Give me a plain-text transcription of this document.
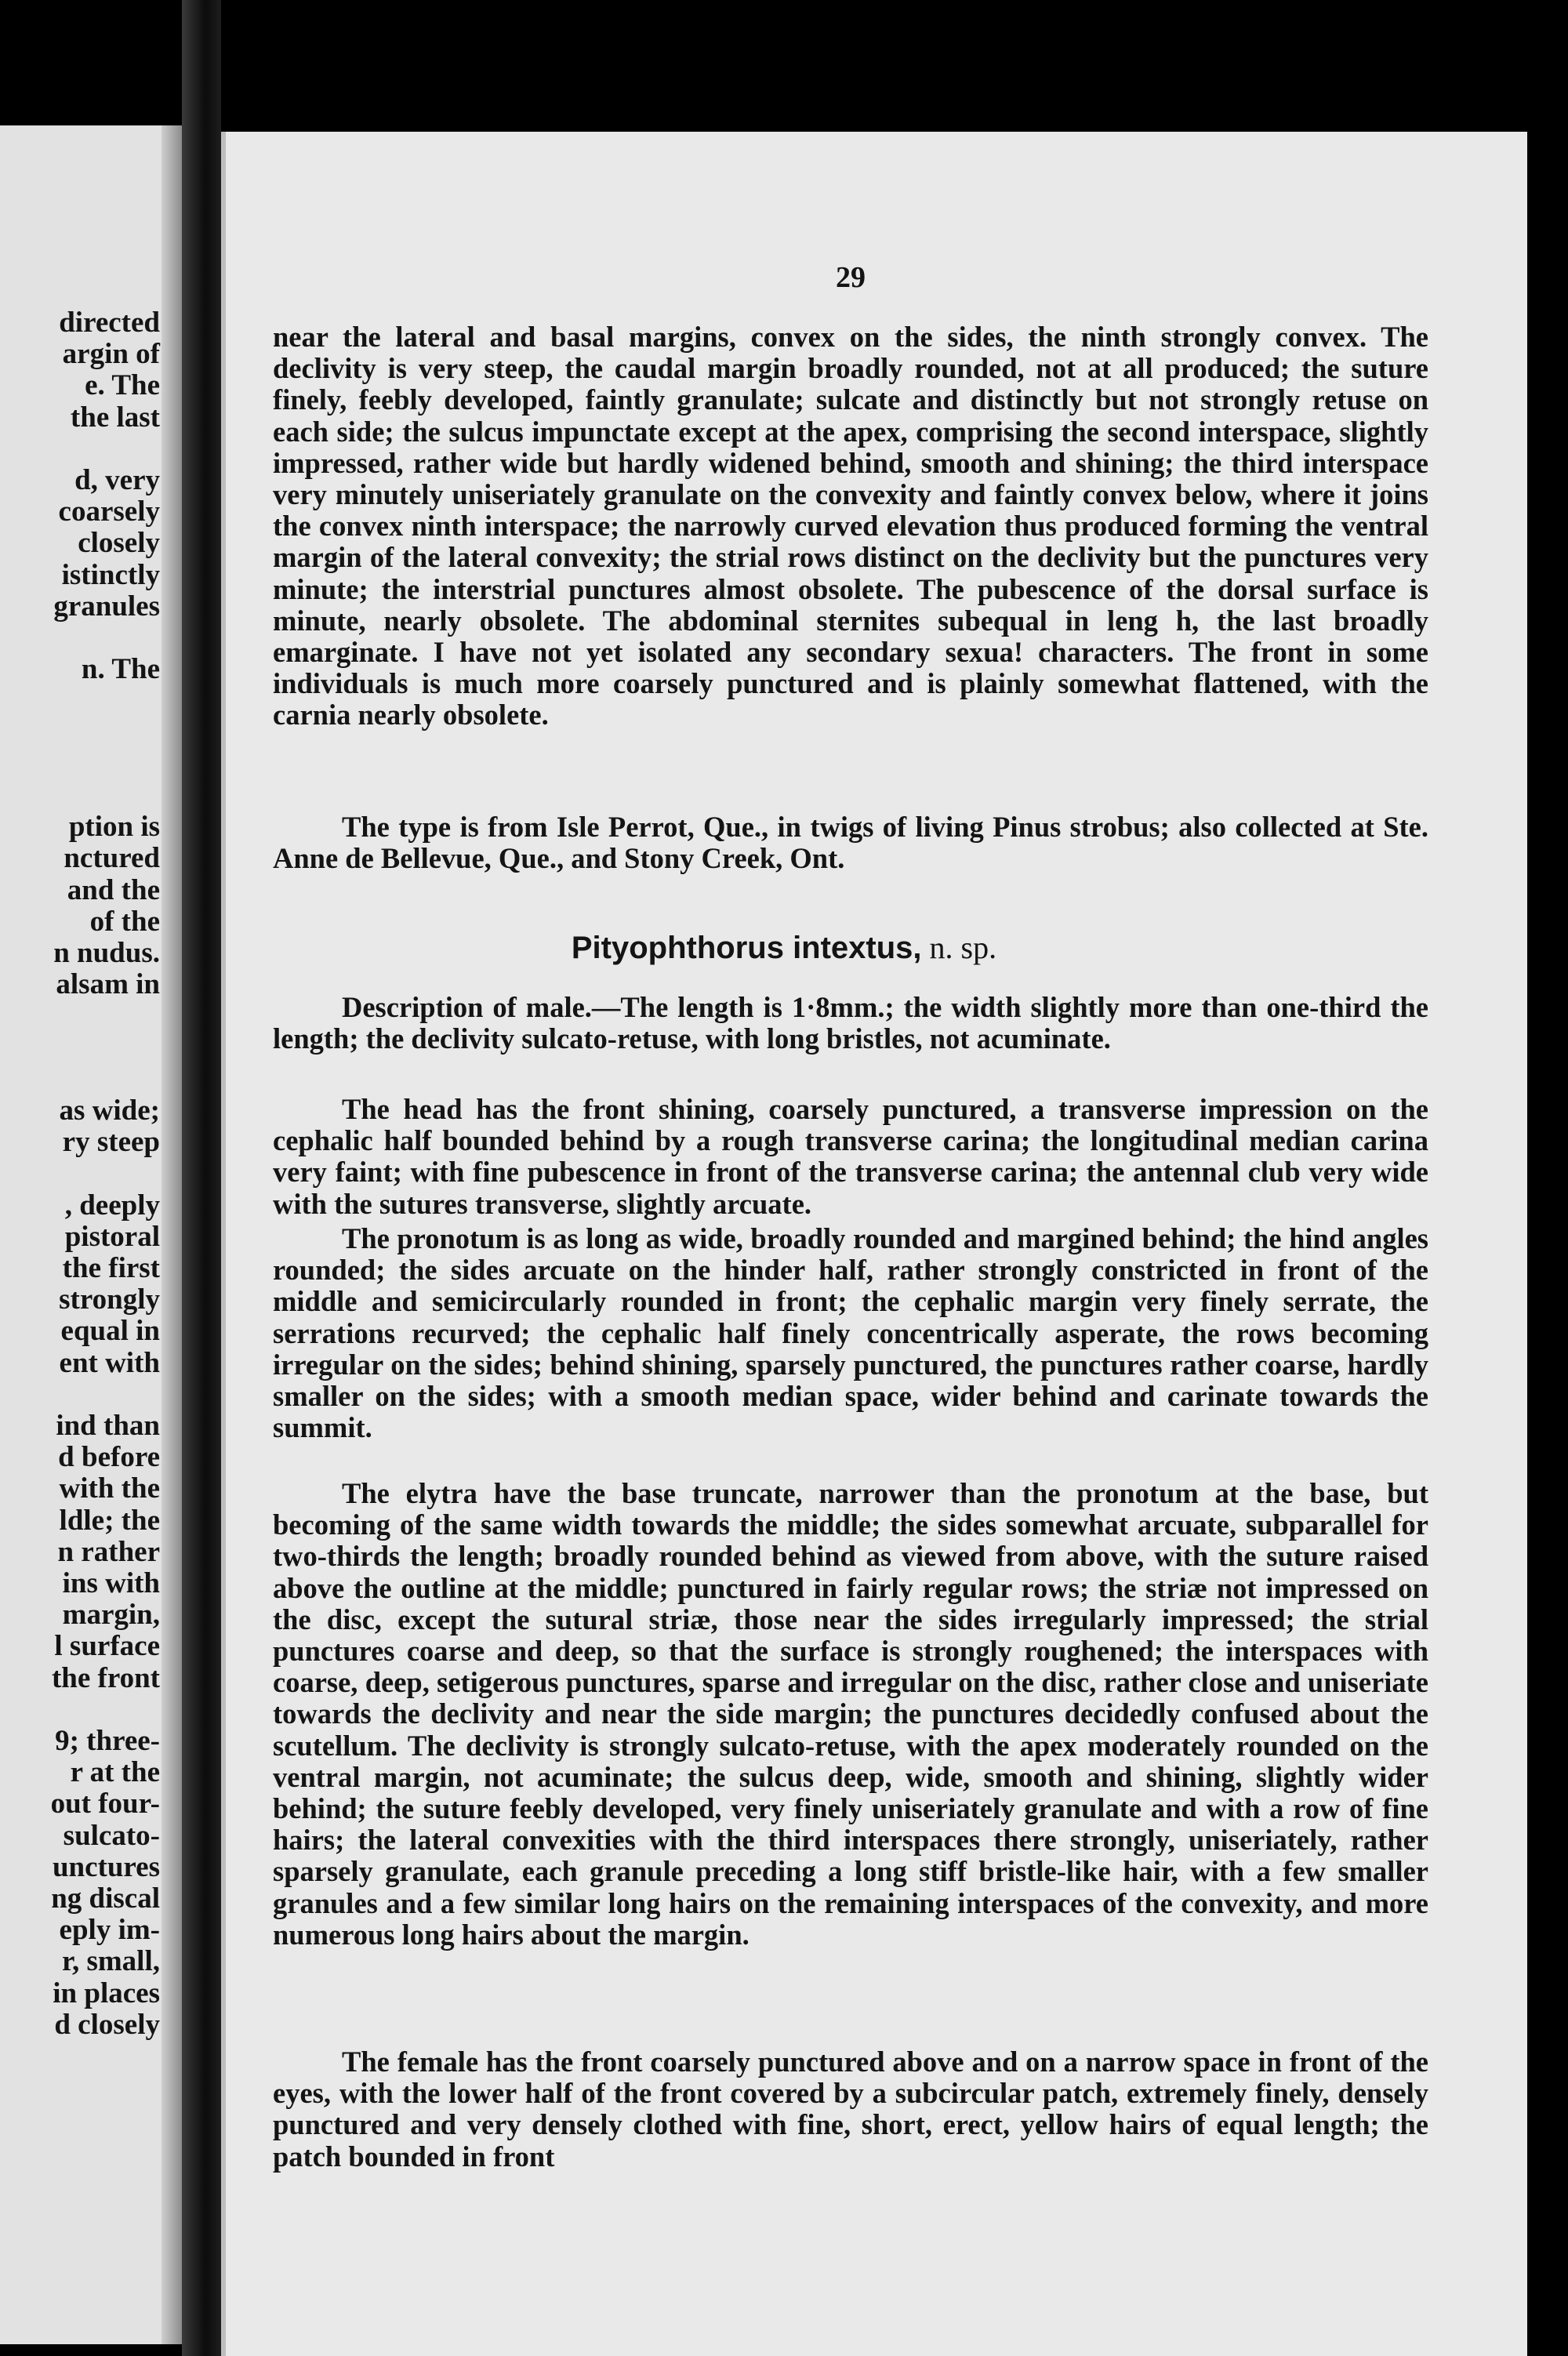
directed
argin of
e. The
the last
d, very
coarsely
closely
istinctly
granules
n. The
ption is
nctured
and the
of the
n nudus.
alsam in
as wide;
ry steep
, deeply
pistoral
the first
strongly
equal in
ent with
ind than
d before
with the
ldle; the
n rather
ins with
margin,
l surface
the front
9; three-
r at the
out four-
sulcato-
unctures
ng discal
eply im-
r, small,
in places
d closely
29
near the lateral and basal margins, convex on the sides, the ninth strongly convex. The declivity is very steep, the caudal margin broadly rounded, not at all produced; the suture finely, feebly developed, faintly granulate; sulcate and distinctly but not strongly retuse on each side; the sulcus impunctate except at the apex, comprising the second interspace, slightly impressed, rather wide but hardly widened behind, smooth and shining; the third interspace very minutely uniseriately granulate on the convexity and faintly convex below, where it joins the convex ninth interspace; the narrowly curved elevation thus produced forming the ventral margin of the lateral convexity; the strial rows distinct on the declivity but the punctures very minute; the interstrial punctures almost obsolete. The pubescence of the dorsal surface is minute, nearly obsolete. The abdominal sternites subequal in leng h, the last broadly emarginate. I have not yet isolated any secondary sexua! characters. The front in some individuals is much more coarsely punctured and is plainly somewhat flattened, with the carnia nearly obsolete.
The type is from Isle Perrot, Que., in twigs of living Pinus strobus; also collected at Ste. Anne de Bellevue, Que., and Stony Creek, Ont.
Pityophthorus intextus, n. sp.
Description of male.—The length is 1·8mm.; the width slightly more than one-third the length; the declivity sulcato-retuse, with long bristles, not acuminate.
The head has the front shining, coarsely punctured, a transverse impression on the cephalic half bounded behind by a rough transverse carina; the longitudinal median carina very faint; with fine pubescence in front of the transverse carina; the antennal club very wide with the sutures transverse, slightly arcuate.
The pronotum is as long as wide, broadly rounded and margined behind; the hind angles rounded; the sides arcuate on the hinder half, rather strongly constricted in front of the middle and semicircularly rounded in front; the cephalic margin very finely serrate, the serrations recurved; the cephalic half finely concentrically asperate, the rows becoming irregular on the sides; behind shining, sparsely punctured, the punctures rather coarse, hardly smaller on the sides; with a smooth median space, wider behind and carinate towards the summit.
The elytra have the base truncate, narrower than the pronotum at the base, but becoming of the same width towards the middle; the sides somewhat arcuate, subparallel for two-thirds the length; broadly rounded behind as viewed from above, with the suture raised above the outline at the middle; punctured in fairly regular rows; the striæ not impressed on the disc, except the sutural striæ, those near the sides irregularly impressed; the strial punctures coarse and deep, so that the surface is strongly roughened; the interspaces with coarse, deep, setigerous punctures, sparse and irregular on the disc, rather close and uniseriate towards the declivity and near the side margin; the punctures decidedly confused about the scutellum. The declivity is strongly sulcato-retuse, with the apex moderately rounded on the ventral margin, not acuminate; the sulcus deep, wide, smooth and shining, slightly wider behind; the suture feebly developed, very finely uniseriately granulate and with a row of fine hairs; the lateral convexities with the third interspaces there strongly, uniseriately, rather sparsely granulate, each granule preceding a long stiff bristle-like hair, with a few smaller granules and a few similar long hairs on the remaining interspaces of the convexity, and more numerous long hairs about the margin.
The female has the front coarsely punctured above and on a narrow space in front of the eyes, with the lower half of the front covered by a subcircular patch, extremely finely, densely punctured and very densely clothed with fine, short, erect, yellow hairs of equal length; the patch bounded in front
